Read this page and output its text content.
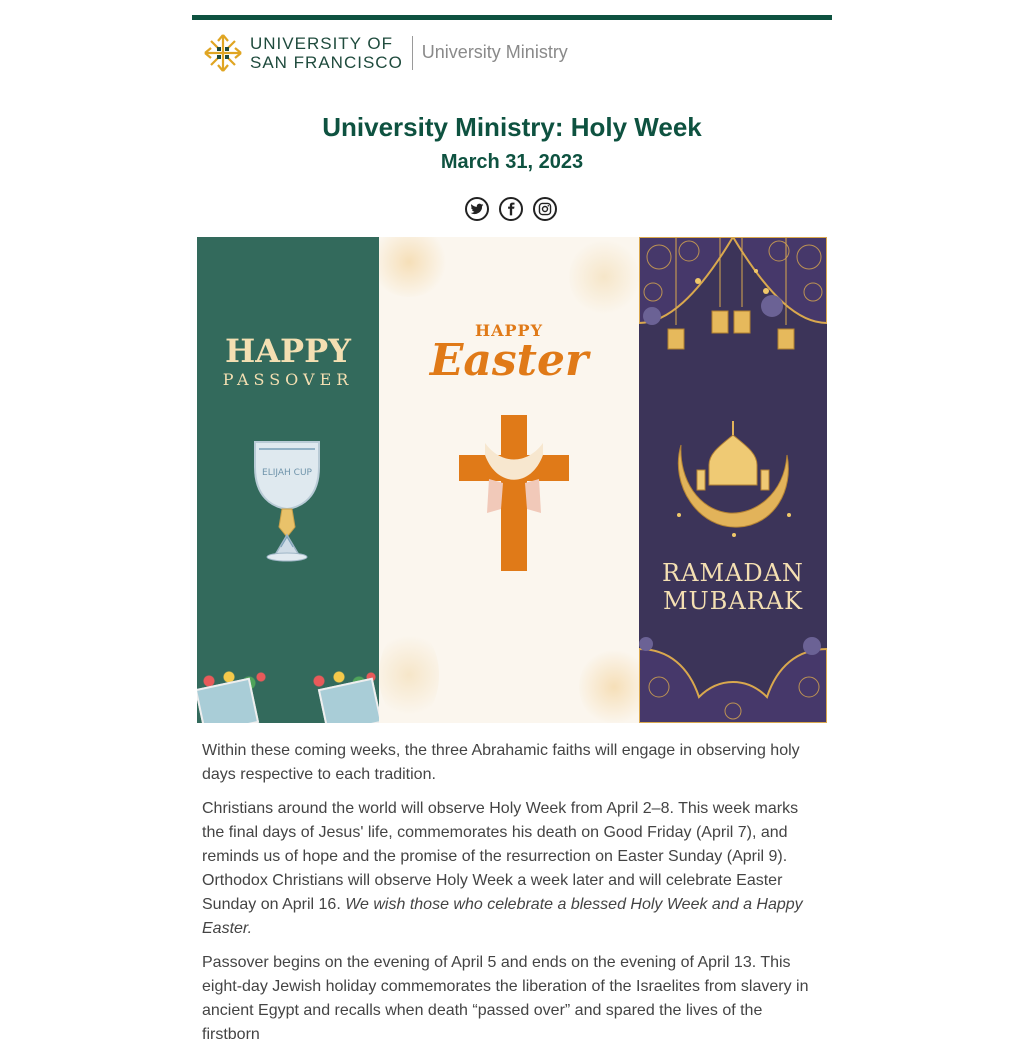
UNIVERSITY OF
SAN FRANCISCO University Ministry
University Ministry: Holy Week
March 31, 2023
HAPPY
PASSOVER
ELIJAH CUP
HAPPY
Easter
RAMADAN
MUBARAK

Within these coming weeks, the three Abrahamic faiths will engage in observing holy days respective to each tradition.

Christians around the world will observe Holy Week from April 2–8. This week marks the final days of Jesus' life, commemorates his death on Good Friday (April 7), and reminds us of hope and the promise of the resurrection on Easter Sunday (April 9). Orthodox Christians will observe Holy Week a week later and will celebrate Easter Sunday on April 16. We wish those who celebrate a blessed Holy Week and a Happy Easter.

Passover begins on the evening of April 5 and ends on the evening of April 13. This eight-day Jewish holiday commemorates the liberation of the Israelites from slavery in ancient Egypt and recalls when death “passed over” and spared the lives of the firstborn
